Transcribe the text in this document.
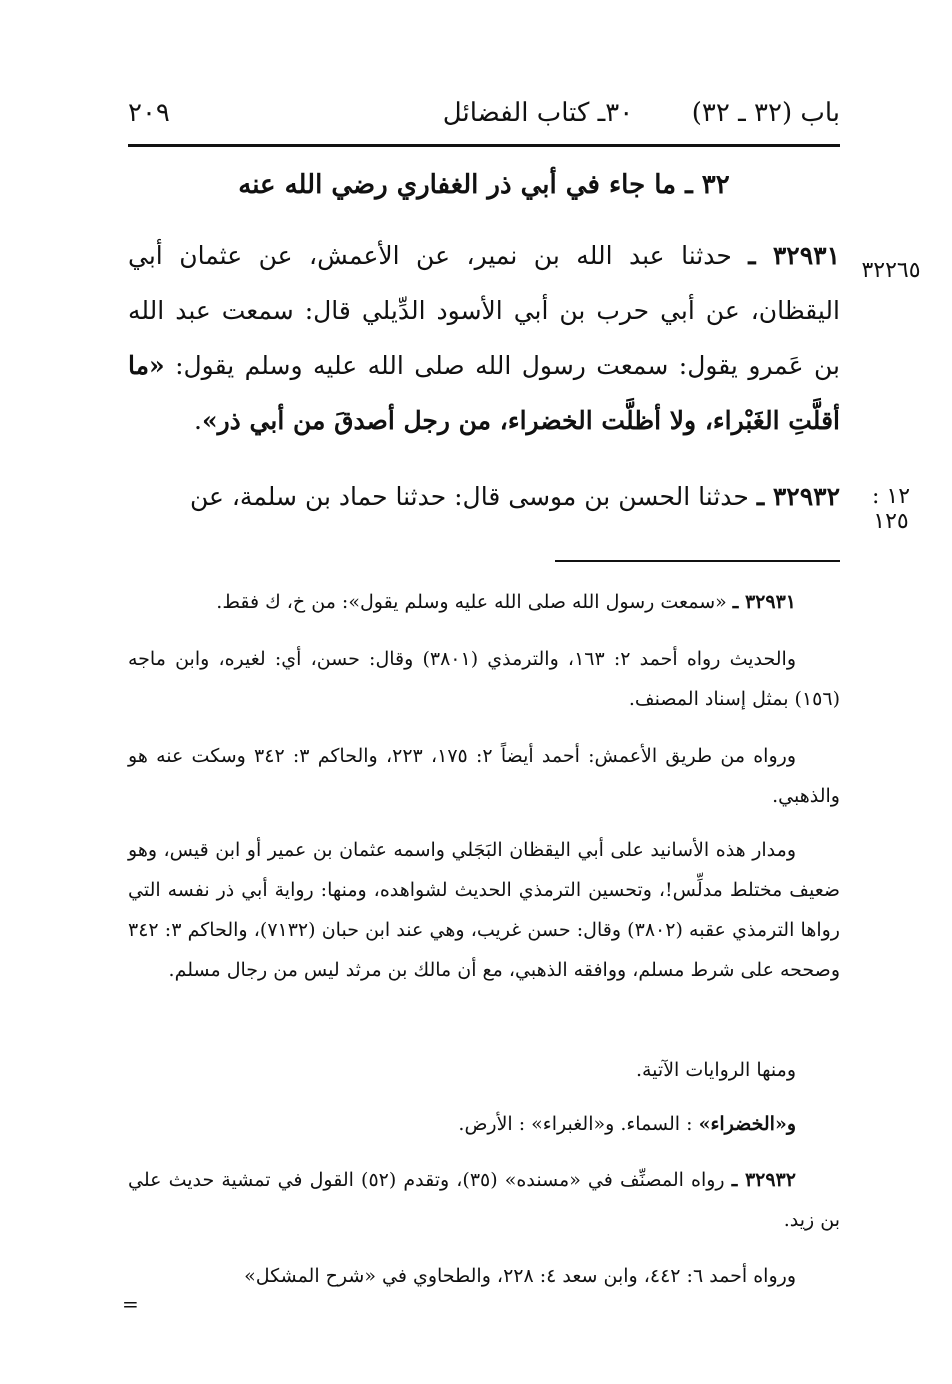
٢٠٩	٣٠ـ كتاب الفضائل	باب (٣٢ ـ ٣٢)
٣٢ ـ ما جاء في أبي ذر الغفاري رضي الله عنه
٣٢٢٦٥

٣٢٩٣١ ـ حدثنا عبد الله بن نمير، عن الأعمش، عن عثمان أبي اليقظان، عن أبي حرب بن أبي الأسود الدِّيلي قال: سمعت عبد الله بن عَمرو يقول: سمعت رسول الله صلى الله عليه وسلم يقول: «ما أقلَّتِ الغَبْراء، ولا أظلَّت الخضراء، من رجل أصدقَ من أبي ذر».

١٢ : ١٢٥

٣٢٩٣٢ ـ حدثنا الحسن بن موسى قال: حدثنا حماد بن سلمة، عن

٣٢٩٣١ ـ «سمعت رسول الله صلى الله عليه وسلم يقول»: من خ، ك فقط.

والحديث رواه أحمد ٢: ١٦٣، والترمذي (٣٨٠١) وقال: حسن، أي: لغيره، وابن ماجه (١٥٦) بمثل إسناد المصنف.

ورواه من طريق الأعمش: أحمد أيضاً ٢: ١٧٥، ٢٢٣، والحاكم ٣: ٣٤٢ وسكت عنه هو والذهبي.

ومدار هذه الأسانيد على أبي اليقظان البَجَلي واسمه عثمان بن عمير أو ابن قيس، وهو ضعيف مختلط مدلِّس!، وتحسين الترمذي الحديث لشواهده، ومنها: رواية أبي ذر نفسه التي رواها الترمذي عقبه (٣٨٠٢) وقال: حسن غريب، وهي عند ابن حبان (٧١٣٢)، والحاكم ٣: ٣٤٢ وصححه على شرط مسلم، ووافقه الذهبي، مع أن مالك بن مرثد ليس من رجال مسلم.

ومنها الروايات الآتية.

و«الخضراء» : السماء. و«الغبراء» : الأرض.

٣٢٩٣٢ ـ رواه المصنِّف في «مسنده» (٣٥)، وتقدم (٥٢) القول في تمشية حديث علي بن زيد.

ورواه أحمد ٦: ٤٤٢، وابن سعد ٤: ٢٢٨، والطحاوي في «شرح المشكل»

=
